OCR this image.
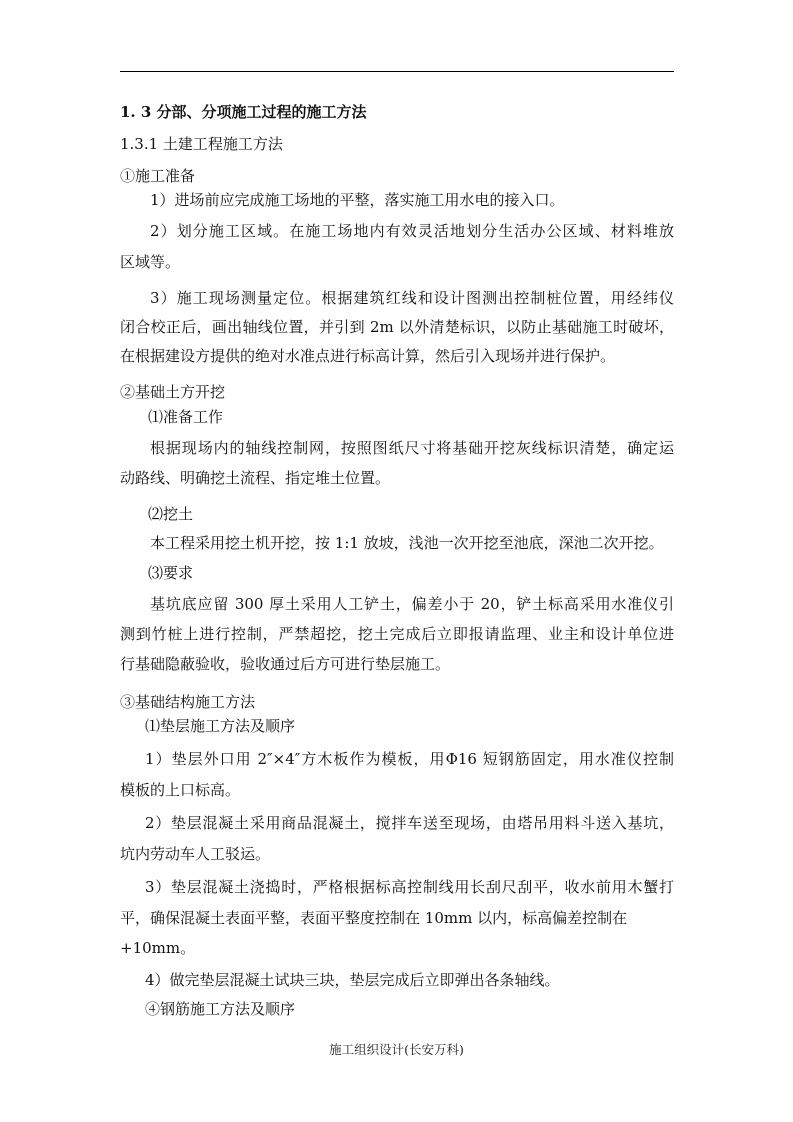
1. 3 分部、分项施工过程的施工方法
1.3.1 土建工程施工方法
①施工准备
1）进场前应完成施工场地的平整，落实施工用水电的接入口。
2）划分施工区域。在施工场地内有效灵活地划分生活办公区域、材料堆放
区域等。
3）施工现场测量定位。根据建筑红线和设计图测出控制桩位置，用经纬仪
闭合校正后，画出轴线位置，并引到 2m 以外清楚标识，以防止基础施工时破坏，
在根据建设方提供的绝对水准点进行标高计算，然后引入现场并进行保护。
②基础土方开挖
⑴准备工作
根据现场内的轴线控制网，按照图纸尺寸将基础开挖灰线标识清楚，确定运
动路线、明确挖土流程、指定堆土位置。
⑵挖土
本工程采用挖土机开挖，按 1:1 放坡，浅池一次开挖至池底，深池二次开挖。
⑶要求
基坑底应留 300 厚土采用人工铲土，偏差小于 20，铲土标高采用水准仪引
测到竹桩上进行控制，严禁超挖，挖土完成后立即报请监理、业主和设计单位进
行基础隐蔽验收，验收通过后方可进行垫层施工。
③基础结构施工方法
⑴垫层施工方法及顺序
1）垫层外口用 2″×4″方木板作为模板，用Φ16 短钢筋固定，用水准仪控制
模板的上口标高。
2）垫层混凝土采用商品混凝土，搅拌车送至现场，由塔吊用料斗送入基坑，
坑内劳动车人工驳运。
3）垫层混凝土浇捣时，严格根据标高控制线用长刮尺刮平，收水前用木蟹打
平，确保混凝土表面平整，表面平整度控制在 10mm 以内，标高偏差控制在
+10mm。
4）做完垫层混凝土试块三块，垫层完成后立即弹出各条轴线。
④钢筋施工方法及顺序
施工组织设计(长安万科)
